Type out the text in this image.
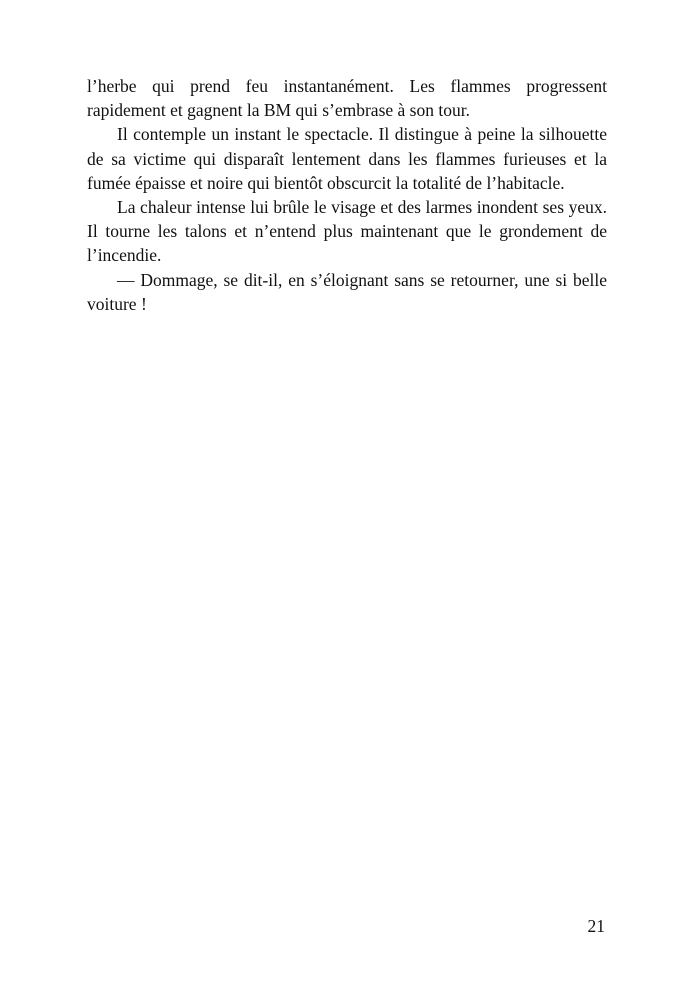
l’herbe qui prend feu instantanément. Les flammes progressent rapidement et gagnent la BM qui s’embrase à son tour.

Il contemple un instant le spectacle. Il distingue à peine la silhouette de sa victime qui disparaît lentement dans les flammes furieuses et la fumée épaisse et noire qui bientôt obscurcit la totalité de l’habitacle.

La chaleur intense lui brûle le visage et des larmes inondent ses yeux. Il tourne les talons et n’entend plus maintenant que le grondement de l’incendie.

— Dommage, se dit-il, en s’éloignant sans se retourner, une si belle voiture !

21
